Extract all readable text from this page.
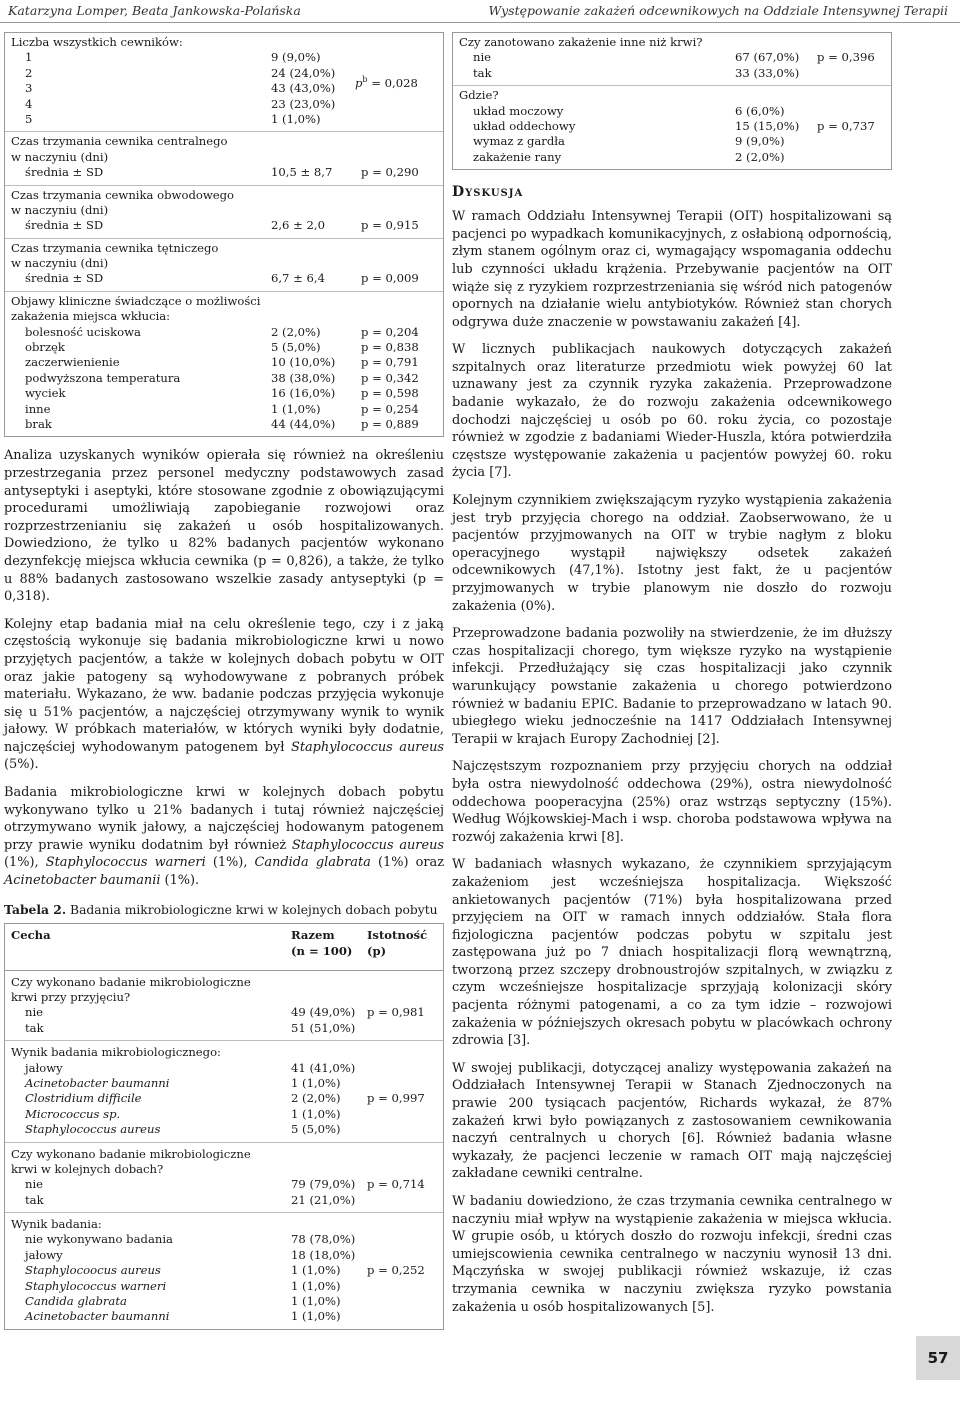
Katarzyna Lomper, Beata Jankowska-Polańska	Występowanie zakażeń odcewnikowych na Oddziale Intensywnej Terapii
Liczba wszystkich cewników:
1	9 (9,0%)
2	24 (24,0%)
3	43 (43,0%)
4	23 (23,0%)
5	1 (1,0%)
$p^b = 0,028$
Czas trzymania cewnika centralnego
w naczyniu (dni)
średnia ± SD	10,5 ± 8,7 p = 0,290
Czas trzymania cewnika obwodowego
w naczyniu (dni)
średnia ± SD	2,6 ± 2,0	p = 0,915
Czas trzymania cewnika tętniczego
w naczyniu (dni)
średnia ± SD	6,7 ± 6,4	p = 0,009
Objawy kliniczne świadczące o możliwości
zakażenia miejsca wkłucia:
bolesność uciskowa	2 (2,0%)	p = 0,204
obrzęk	5 (5,0%)	p = 0,838
zaczerwienienie	10 (10,0%) p = 0,791
podwyższona temperatura	38 (38,0%) p = 0,342
wyciek	16 (16,0%) p = 0,598
inne	1 (1,0%)	p = 0,254
brak	44 (44,0%) p = 0,889

Analiza uzyskanych wyników opierała się również na określeniu przestrzegania przez personel medyczny podstawowych zasad antyseptyki i aseptyki, które stosowane zgodnie z obowiązującymi procedurami umożliwiają zapobieganie rozwojowi oraz rozprzestrzenianiu się zakażeń u osób hospitalizowanych. Dowiedziono, że tylko u 82% badanych pacjentów wykonano dezynfekcję miejsca wkłucia cewnika (p = 0,826), a także, że tylko u 88% badanych zastosowano wszelkie zasady antyseptyki (p = 0,318).

Kolejny etap badania miał na celu określenie tego, czy i z jaką częstością wykonuje się badania mikrobiologiczne krwi u nowo przyjętych pacjentów, a także w kolejnych dobach pobytu w OIT oraz jakie patogeny są wyhodowywane z pobranych próbek materiału. Wykazano, że ww. badanie podczas przyjęcia wykonuje się u 51% pacjentów, a najczęściej otrzymywany wynik to wynik jałowy. W próbkach materiałów, w których wyniki były dodatnie, najczęściej wyhodowanym patogenem był Staphylococcus aureus (5%).

Badania mikrobiologiczne krwi w kolejnych dobach pobytu wykonywano tylko u 21% badanych i tutaj również najczęściej otrzymywano wynik jałowy, a najczęściej hodowanym patogenem przy prawie wyniku dodatnim był również Staphylococcus aureus (1%), Staphylococcus warneri (1%), Candida glabrata (1%) oraz Acinetobacter baumanii (1%).

Tabela 2. Badania mikrobiologiczne krwi w kolejnych dobach pobytu
Cecha	Razem
(n = 100)
Istotność
(p)
Czy wykonano badanie mikrobiologiczne
krwi przy przyjęciu?
nie	49 (49,0%) p = 0,981
tak	51 (51,0%)
Wynik badania mikrobiologicznego:
jałowy	41 (41,0%)
Acinetobacter baumanni	1 (1,0%)
Clostridium difficile	2 (2,0%) p = 0,997
Micrococcus sp.	1 (1,0%)
Staphylococcus aureus	5 (5,0%)
Czy wykonano badanie mikrobiologiczne
krwi w kolejnych dobach?
nie	79 (79,0%) p = 0,714
tak	21 (21,0%)
Wynik badania:
nie wykonywano badania	78 (78,0%)
jałowy	18 (18,0%)
Staphylocoocus aureus	1 (1,0%) p = 0,252
Staphylococcus warneri	1 (1,0%)
Candida glabrata	1 (1,0%)
Acinetobacter baumanni	1 (1,0%)
Czy zanotowano zakażenie inne niż krwi?
nie	67 (67,0%) p = 0,396
tak	33 (33,0%)
Gdzie?
układ moczowy	6 (6,0%)
układ oddechowy	15 (15,0%) p = 0,737
wymaz z gardła	9 (9,0%)
zakażenie rany	2 (2,0%)
Dyskusja

W ramach Oddziału Intensywnej Terapii (OIT) hospitalizowani są pacjenci po wypadkach komunikacyjnych, z osłabioną odpornością, złym stanem ogólnym oraz ci, wymagający wspomagania oddechu lub czynności układu krążenia. Przebywanie pacjentów na OIT wiąże się z ryzykiem rozprzestrzeniania się wśród nich patogenów opornych na działanie wielu antybiotyków. Również stan chorych odgrywa duże znaczenie w powstawaniu zakażeń [4].

W licznych publikacjach naukowych dotyczących zakażeń szpitalnych oraz literaturze przedmiotu wiek powyżej 60 lat uznawany jest za czynnik ryzyka zakażenia. Przeprowadzone badanie wykazało, że do rozwoju zakażenia odcewnikowego dochodzi najczęściej u osób po 60. roku życia, co pozostaje również w zgodzie z badaniami Wieder-Huszla, która potwierdziła częstsze występowanie zakażenia u pacjentów powyżej 60. roku życia [7].

Kolejnym czynnikiem zwiększającym ryzyko wystąpienia zakażenia jest tryb przyjęcia chorego na oddział. Zaobserwowano, że u pacjentów przyjmowanych na OIT w trybie nagłym z bloku operacyjnego wystąpił największy odsetek zakażeń odcewnikowych (47,1%). Istotny jest fakt, że u pacjentów przyjmowanych w trybie planowym nie doszło do rozwoju zakażenia (0%).

Przeprowadzone badania pozwoliły na stwierdzenie, że im dłuższy czas hospitalizacji chorego, tym większe ryzyko na wystąpienie infekcji. Przedłużający się czas hospitalizacji jako czynnik warunkujący powstanie zakażenia u chorego potwierdzono również w badaniu EPIC. Badanie to przeprowadzano w latach 90. ubiegłego wieku jednocześnie na 1417 Oddziałach Intensywnej Terapii w krajach Europy Zachodniej [2].

Najczęstszym rozpoznaniem przy przyjęciu chorych na oddział była ostra niewydolność oddechowa (29%), ostra niewydolność oddechowa pooperacyjna (25%) oraz wstrząs septyczny (15%). Według Wójkowskiej-Mach i wsp. choroba podstawowa wpływa na rozwój zakażenia krwi [8].

W badaniach własnych wykazano, że czynnikiem sprzyjającym zakażeniom jest wcześniejsza hospitalizacja. Większość ankietowanych pacjentów (71%) była hospitalizowana przed przyjęciem na OIT w ramach innych oddziałów. Stała flora fizjologiczna pacjentów podczas pobytu w szpitalu jest zastępowana już po 7 dniach hospitalizacji florą wewnątrzną, tworzoną przez szczepy drobnoustrojów szpitalnych, w związku z czym wcześniejsze hospitalizacje sprzyjają kolonizacji skóry pacjenta różnymi patogenami, a co za tym idzie – rozwojowi zakażenia w późniejszych okresach pobytu w placówkach ochrony zdrowia [3].

W swojej publikacji, dotyczącej analizy występowania zakażeń na Oddziałach Intensywnej Terapii w Stanach Zjednoczonych na prawie 200 tysiącach pacjentów, Richards wykazał, że 87% zakażeń krwi było powiązanych z zastosowaniem cewnikowania naczyń centralnych u chorych [6]. Również badania własne wykazały, że pacjenci leczenie w ramach OIT mają najczęściej zakładane cewniki centralne.

W badaniu dowiedziono, że czas trzymania cewnika centralnego w naczyniu miał wpływ na wystąpienie zakażenia w miejsca wkłucia. W grupie osób, u których doszło do rozwoju infekcji, średni czas umiejscowienia cewnika centralnego w naczyniu wynosił 13 dni. Mączyńska w swojej publikacji również wskazuje, iż czas trzymania cewnika w naczyniu zwiększa ryzyko powstania zakażenia u osób hospitalizowanych [5].

57
